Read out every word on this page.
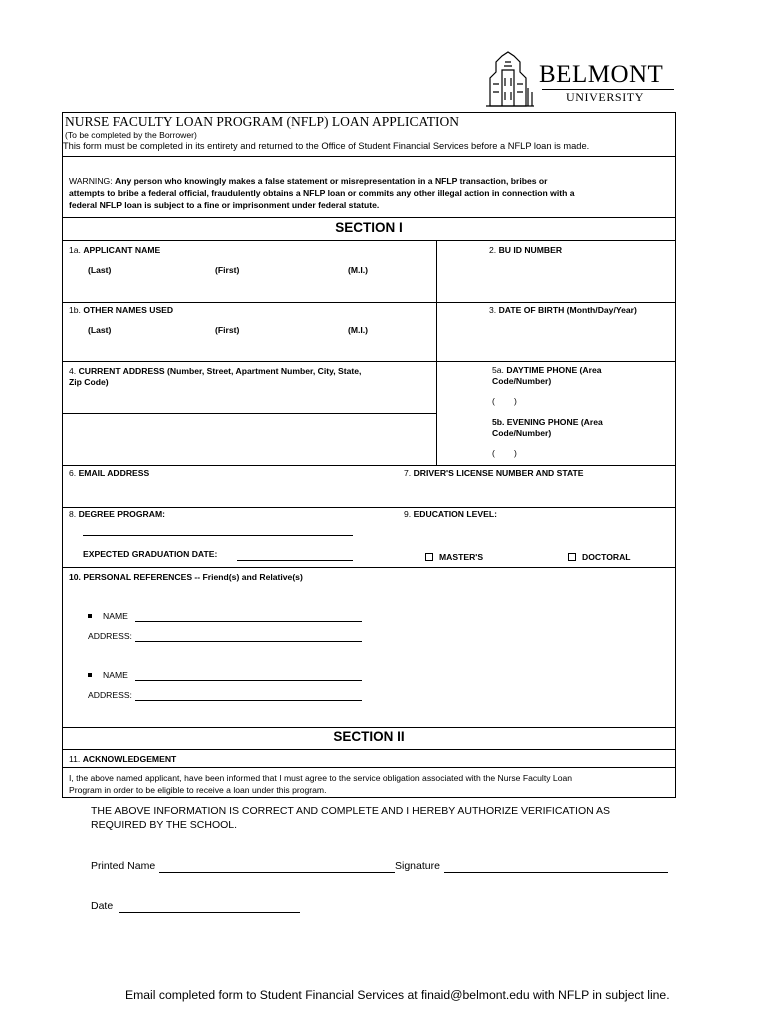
BELMONT
UNIVERSITY
NURSE FACULTY LOAN PROGRAM (NFLP) LOAN APPLICATION
(To be completed by the Borrower)
This form must be completed in its entirety and returned to the Office of Student Financial Services before a NFLP loan is made.
WARNING: Any person who knowingly makes a false statement or misrepresentation in a NFLP transaction, bribes or
attempts to bribe a federal official, fraudulently obtains a NFLP loan or commits any other illegal action in connection with a
federal NFLP loan is subject to a fine or imprisonment under federal statute.
SECTION I
1a. APPLICANT NAME
(Last)	(First)	(M.I.)
2. BU ID NUMBER
1b. OTHER NAMES USED
(Last)	(First)	(M.I.)
3. DATE OF BIRTH (Month/Day/Year)
4. CURRENT ADDRESS (Number, Street, Apartment Number, City, State,
Zip Code)
5a. DAYTIME PHONE (Area
Code/Number)
(        )
5b. EVENING PHONE (Area
Code/Number)
(        )
6. EMAIL ADDRESS	7. DRIVER'S LICENSE NUMBER AND STATE
8. DEGREE PROGRAM:
EXPECTED GRADUATION DATE:
9. EDUCATION LEVEL:
MASTER'S	DOCTORAL
10. PERSONAL REFERENCES -- Friend(s) and Relative(s)
NAME
ADDRESS:
NAME
ADDRESS:
SECTION II
11. ACKNOWLEDGEMENT
I, the above named applicant, have been informed that I must agree to the service obligation associated with the Nurse Faculty Loan
Program in order to be eligible to receive a loan under this program.
THE ABOVE INFORMATION IS CORRECT AND COMPLETE AND I HEREBY AUTHORIZE VERIFICATION AS
REQUIRED BY THE SCHOOL.
Printed Name	Signature
Date
Email completed form to Student Financial Services at finaid@belmont.edu with NFLP in subject line.
